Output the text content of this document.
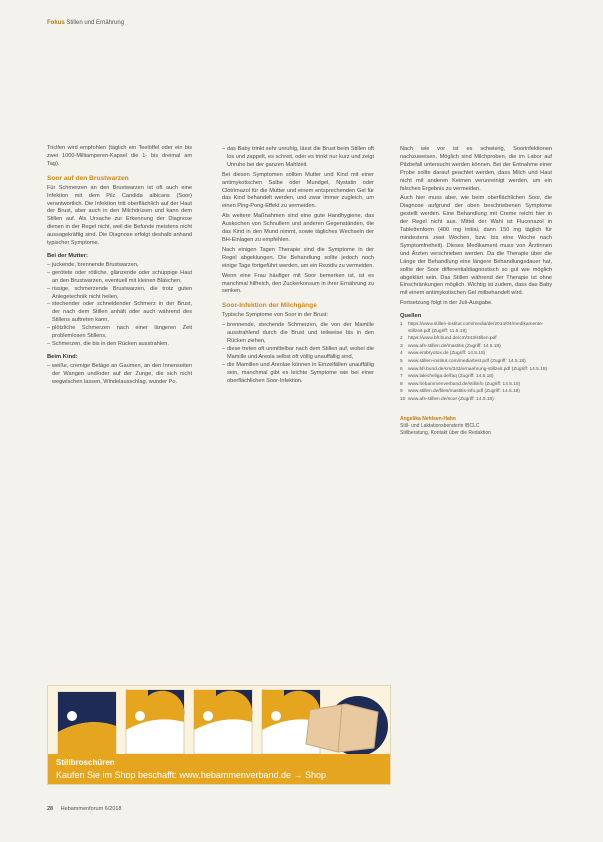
Fokus Stillen und Ernährung

Triclfen wird empfohlen (täglich ein Teelöffel oder ein bis zwei 1000-Milliamperen-Kapsel die 1- bis dreimal am Tag).

Soor auf den Brustwarzen

Für Schmerzen an den Brustwarzen ist oft auch eine Infektion mit dem Pilz Candida albicans (Soor) verantwortlich. Die Infektion tritt oberflächlich auf der Haut der Brust, aber auch in den Milchdrüsen und kann dem Stillen auf. Als Ursache zur Erkennung der Diagnose dienen in der Regel nicht, weil die Befunde meistens nicht aussagekräftig sind. Die Diagnose erfolgt deshalb anhand typischer Symptome.

Bei der Mutter:
– juckende, brennende Brustwarzen,
– gerötete oder rötliche, glänzende oder schuppige Haut an den Brustwarzen, eventuell mit kleinen Bläschen,
– rissige, schmerzende Brustwarzen, die trotz guten Anlegetechnik nicht heilen,
– stechender oder schneidender Schmerz in der Brust, der nach dem Stillen anhält oder auch während des Stillens auftreten kann,
– plötzliche Schmerzen nach einer längeren Zeit problemlosen Stillens,
– Schmerzen, die bis in den Rücken ausstrahlen.
Beim Kind:
– weiße, cremige Beläge an Gaumen, an den Innenseiten der Wangen und/oder auf der Zunge, die sich nicht wegwischen lassen, Windelausschlag, wunder Po.
– das Baby trinkt sehr unruhig, lässt die Brust beim Stillen oft los und zappelt, es schreit, oder es trinkt nur kurz und zeigt Unruhe bei der ganzen Mahlzeit.

Bei diesen Symptomen sollten Mutter und Kind mit einer antimykotischen Salbe oder Mundgel, Nystatin oder Clotrimazol für die Mutter und einem entsprechenden Gel für das Kind behandelt werden, und zwar immer zugleich, um einen Ping-Pong-Effekt zu vermeiden.

Als weitere Maßnahmen sind eine gute Handhygiene, das Auskochen von Schnullern und anderen Gegenständen, die das Kind in den Mund nimmt, sowie tägliches Wechseln der BH-Einlagen zu empfehlen.

Nach einigen Tagen Therapie sind die Symptome in der Regel abgeklungen. Die Behandlung sollte jedoch noch einige Tage fortgeführt werden, um ein Rezidiv zu vermeiden.

Wenn eine Frau häufiger mit Soor bemerken ist, ist es manchmal hilfreich, den Zuckerkonsum in ihrer Ernährung zu senken.

Soor-Infektion der Milchgänge

Typische Symptome von Soor in der Brust:

– brennende, stechende Schmerzen, die von der Mamille ausstrahlend durch die Brust und teilweise bis in den Rücken ziehen,
– diese treten oft unmittelbar nach dem Stillen auf, wobei die Mamille und Areola selbst oft völlig unauffällig sind,
– die Mamillen und Areolae können in Einzelfällen unauffällig sein, manchmal gibt es leichte Symptome wie bei einer oberflächlichen Soor-Infektion.

Nach wie vor ist es schwierig, Soorinfektionen nachzuweisen. Möglich sind Milchproben, die im Labor auf Pilzbefall untersucht werden können. Bei der Entnahme einer Probe sollte darauf geachtet werden, dass Milch und Haut nicht mit anderen Keimen verunreinigt werden, um ein falsches Ergebnis zu vermeiden.

Auch hier muss aber, wie beim oberflächlichen Soor, die Diagnose aufgrund der oben beschriebenen Symptome gestellt werden. Eine Behandlung mit Creme reicht hier in der Regel nicht aus. Mittel der Wahl ist Fluconazol in Tablettenform (400 mg initial, dann 150 mg täglich für mindestens zwei Wochen, bzw. bis eine Woche nach Symptomfreiheit). Dieses Medikament muss von Ärztinnen und Ärzten verschrieben werden. Da die Therapie über die Länge der Behandlung eine längere Behandlungsdauer hat, sollte der Soor differentialdiagnostisch so gut wie möglich abgeklärt sein. Das Stillen während der Therapie ist ohne Einschränkungen möglich. Wichtig ist zudem, dass das Baby mit einem antimykotischen Gel mitbehandelt wird.

Fortsetzung folgt in der Juli-Ausgabe.

Quellen
1 https://www.stillen-institut.com/media/de/2014/04/medikamente-stillzeit.pdf (Zugriff: 11.5.18)
2 https://www.bfr.bund.de/cm/343/stillen.pdf
3 www.afs-stillen.de/mastitis (Zugriff: 14.5.18)
4 www.embryotox.de (Zugriff: 14.5.18)
5 www.stillen-institut.com/media/test.pdf (Zugriff: 14.5.18)
6 www.bfr.bund.de/cm/343/ernaehrung-stillzeit.pdf (Zugriff: 14.5.18)
7 www.lalecheliga.de/faq (Zugriff: 14.5.18)
8 www.hebammenverband.de/stillinfo (Zugriff: 14.5.18)
9 www.stillen.de/files/mastitis-info.pdf (Zugriff: 14.5.18)
10 www.afs-stillen.de/soor (Zugriff: 14.5.18)
Angelika Nehlsen-Hahn
Still- und Laktationsberaterin IBCLC
Stillberatung, Kontakt über die Redaktion
Stillbroschüren
Kaufen Sie im Shop beschafft: www.hebammenverband.de → Shop
28 Hebammenforum 6/2018
